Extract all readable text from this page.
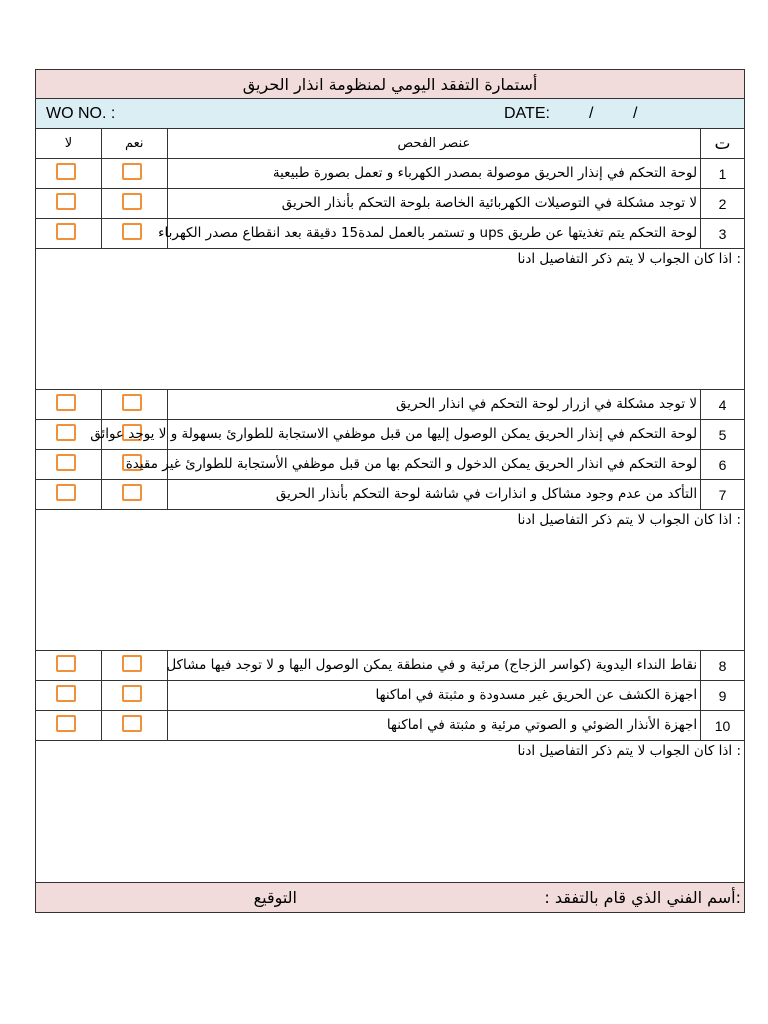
أستمارة التفقد اليومي لمنظومة انذار الحريق
WO NO. :	DATE: / /
لا	نعم	عنصر الفحص	ت
لوحة التحكم في إنذار الحريق موصولة بمصدر الكهرباء و تعمل بصورة طبيعية	1
لا توجد مشكلة في التوصيلات الكهربائية الخاصة بلوحة التحكم بأنذار الحريق	2
لوحة التحكم يتم تغذيتها عن طريق ups و تستمر بالعمل لمدة15 دقيقة بعد انقطاع مصدر الكهرباء	3
: اذا كان الجواب لا يتم ذكر التفاصيل ادنا
لا توجد مشكلة في ازرار لوحة التحكم في انذار الحريق	4
لوحة التحكم في إنذار الحريق يمكن الوصول إليها من قبل موظفي الاستجابة للطوارئ بسهولة و لا يوجد عوائق	5
لوحة التحكم في انذار الحريق يمكن الدخول و التحكم بها من قبل موظفي الأستجابة للطوارئ غير مقيدة	6
التأكد من عدم وجود مشاكل و انذارات في شاشة لوحة التحكم بأنذار الحريق	7
: اذا كان الجواب لا يتم ذكر التفاصيل ادنا
نقاط النداء اليدوية (كواسر الزجاج) مرئية و في منطقة يمكن الوصول اليها و لا توجد فيها مشاكل	8
اجهزة الكشف عن الحريق غير مسدودة و مثبتة في اماكنها	9
اجهزة الأنذار الضوئي و الصوتي مرئية و مثبتة في اماكنها	10
: اذا كان الجواب لا يتم ذكر التفاصيل ادنا
:أسم الفني الذي قام بالتفقد :
التوقيع
